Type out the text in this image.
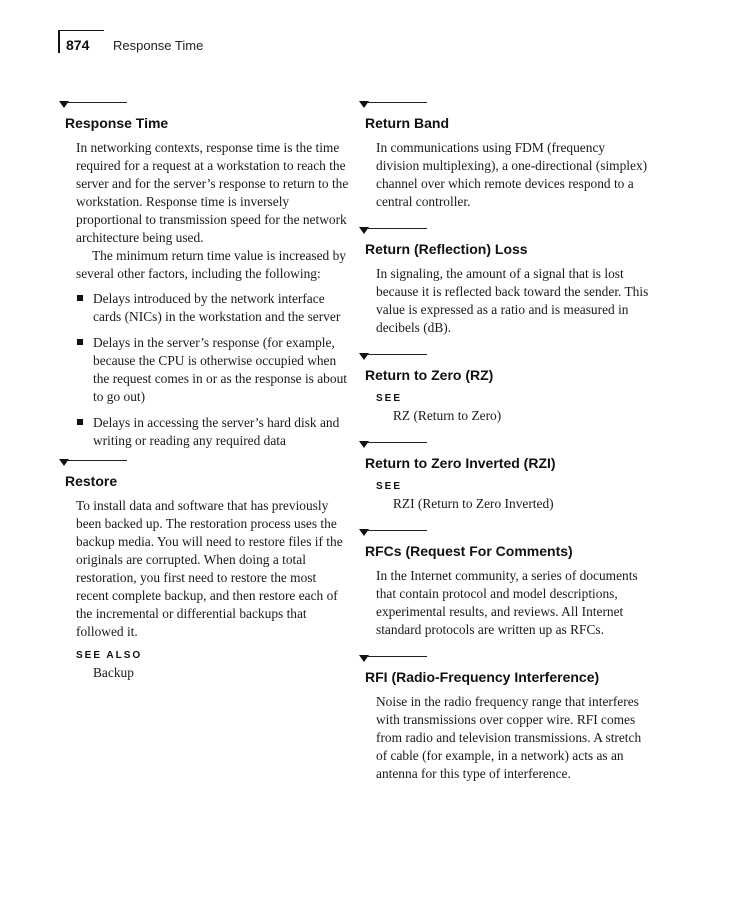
874 Response Time
Response Time

In networking contexts, response time is the time required for a request at a workstation to reach the server and for the server’s response to return to the workstation. Response time is inversely proportional to transmission speed for the network architecture being used.

The minimum return time value is increased by several other factors, including the following:

Delays introduced by the network interface cards (NICs) in the workstation and the server
Delays in the server’s response (for example, because the CPU is otherwise occupied when the request comes in or as the response is about to go out)
Delays in accessing the server’s hard disk and writing or reading any required data
Restore

To install data and software that has previously been backed up. The restoration process uses the backup media. You will need to restore files if the originals are corrupted. When doing a total restoration, you first need to restore the most recent complete backup, and then restore each of the incremental or differential backups that followed it.

SEE ALSO
Backup
Return Band

In communications using FDM (frequency division multiplexing), a one-directional (simplex) channel over which remote devices respond to a central controller.

Return (Reflection) Loss

In signaling, the amount of a signal that is lost because it is reflected back toward the sender. This value is expressed as a ratio and is measured in decibels (dB).

Return to Zero (RZ)
SEE
RZ (Return to Zero)
Return to Zero Inverted (RZI)
SEE
RZI (Return to Zero Inverted)
RFCs (Request For Comments)

In the Internet community, a series of documents that contain protocol and model descriptions, experimental results, and reviews. All Internet standard protocols are written up as RFCs.

RFI (Radio-Frequency Interference)

Noise in the radio frequency range that interferes with transmissions over copper wire. RFI comes from radio and television transmissions. A stretch of cable (for example, in a network) acts as an antenna for this type of interference.
